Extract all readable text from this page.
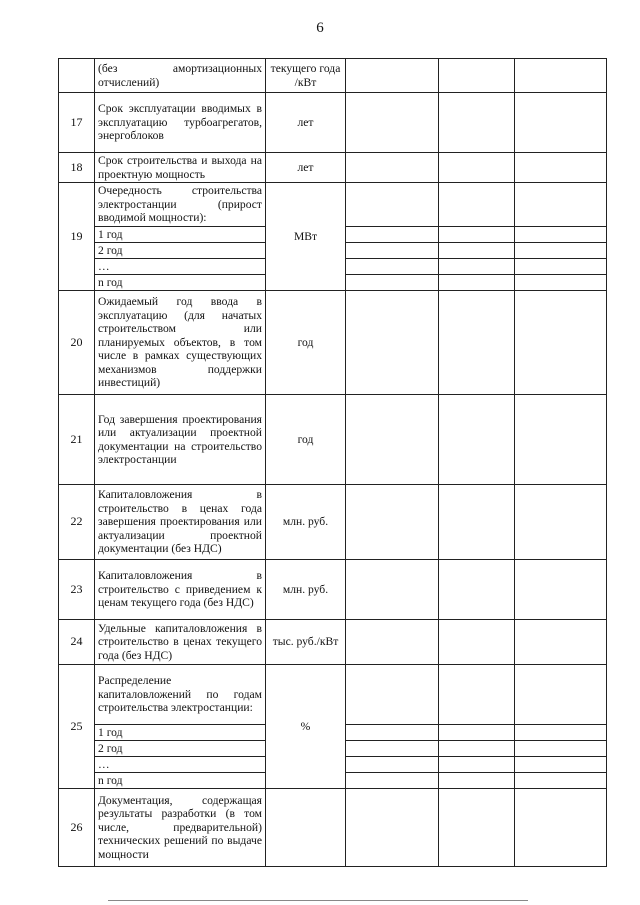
6
	(без амортизационных отчислений)	текущего года /кВт			
17	Срок эксплуатации вводимых в эксплуатацию турбоагрегатов, энергоблоков	лет			
18	Срок строительства и выхода на проектную мощность	лет			
19	Очередность строительства электростанции (прирост вводимой мощности):	МВт			
	1 год				
	2 год				
	…				
	n год				
20	Ожидаемый год ввода в эксплуатацию (для начатых строительством или планируемых объектов, в том числе в рамках существующих механизмов поддержки инвестиций)	год			
21	Год завершения проектирования или актуализации проектной документации на строительство электростанции	год			
22	Капиталовложения в строительство в ценах года завершения проектирования или актуализации проектной документации (без НДС)	млн. руб.			
23	Капиталовложения в строительство с приведением к ценам текущего года (без НДС)	млн. руб.			
24	Удельные капиталовложения в строительство в ценах текущего года (без НДС)	тыс. руб./кВт			
25	Распределение капиталовложений по годам строительства электростанции:	%			
	1 год				
	2 год				
	…				
	n год				
26	Документация, содержащая результаты разработки (в том числе, предварительной) технических решений по выдаче мощности				
